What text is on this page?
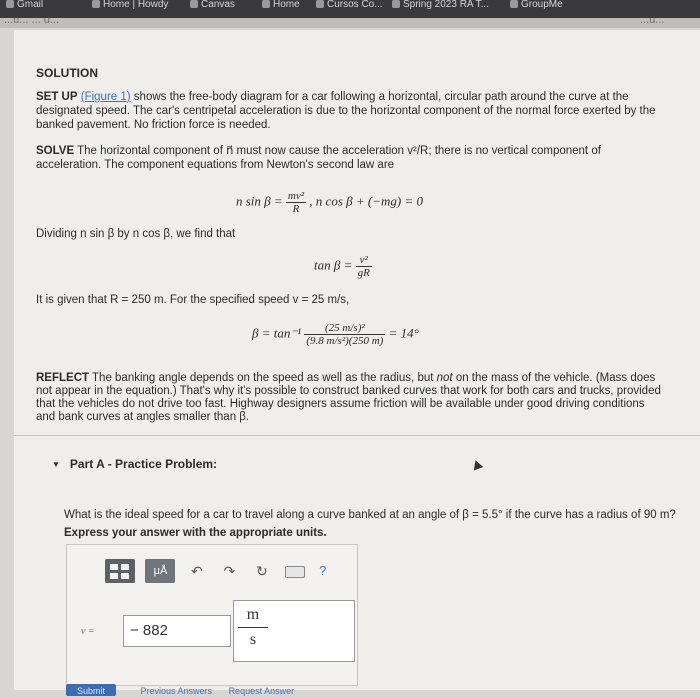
Gmail	Home | Howdy	Canvas	Home	Cursos Co...	Spring 2023 RA T...	GroupMe
...u... ... u...	...u...

SOLUTION

SET UP (Figure 1) shows the free-body diagram for a car following a horizontal, circular path around the curve at the designated speed. The car's centripetal acceleration is due to the horizontal component of the normal force exerted by the banked pavement. No friction force is needed.

SOLVE The horizontal component of n⃗ must now cause the acceleration v²/R; there is no vertical component of acceleration. The component equations from Newton's second law are

n $\sin \beta = \frac{\text{mv²}}{R}$ , n cos β + (−mg) = 0

Dividing n sin β by n cos β, we find that

$\tan \beta = \frac{\text{v²}}{gR}$

It is given that R = 250 m. For the specified speed v = 25 m/s,

$\beta = \tan^{-1} \frac{\text{(25 m/s)²}}{\text{(9.8 m/s²)(250 m)}} = 14^\circ$

REFLECT The banking angle depends on the speed as well as the radius, but not on the mass of the vehicle. (Mass does not appear in the equation.) That's why it's possible to construct banked curves that work for both cars and trucks, provided that the vehicles do not drive too fast. Highway designers assume friction will be available under good driving conditions and bank curves at angles smaller than β.

▼ Part A - Practice Problem:

What is the ideal speed for a car to travel along a curve banked at an angle of β = 5.5° if the curve has a radius of 90 m?

Express your answer with the appropriate units.

μÅ ↶ ↷ ↻	?
v =	− 882	$\frac{m}{s}$
Submit	Previous Answers Request Answer
